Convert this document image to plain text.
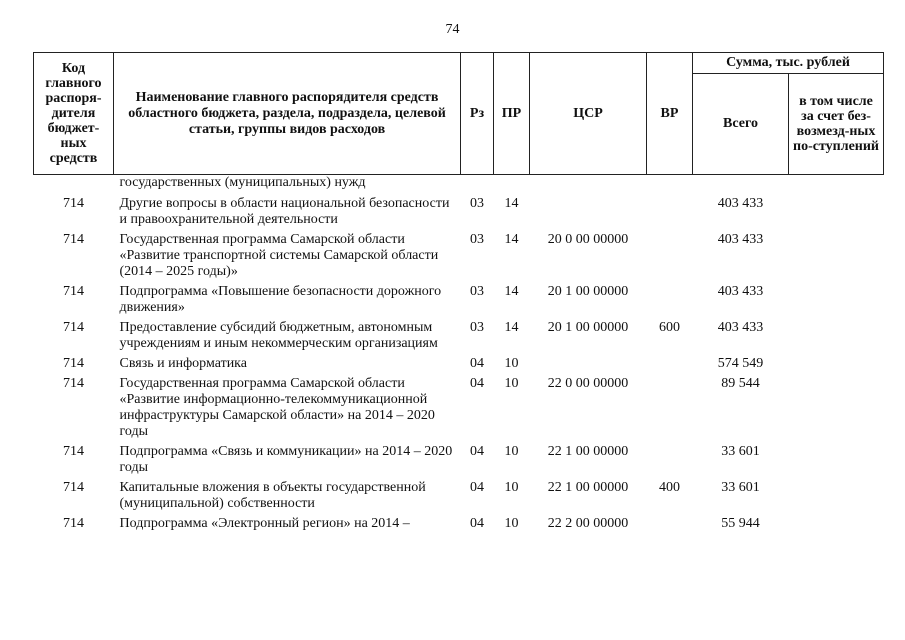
74
Код главного распоря-дителя бюджет-ных средств	Наименование главного распорядителя средств областного бюджета, раздела, подраздела, целевой статьи, группы видов расходов	Рз	ПР	ЦСР	ВР	Сумма, тыс. рублей	
						Всего	в том числе за счет без-возмезд-ных по-ступлений
	государственных (муниципальных) нужд						
714	Другие вопросы в области национальной безопасности и правоохранительной деятельности	03	14			403 433	
714	Государственная программа Самарской области «Развитие транспортной системы Самарской области (2014 – 2025 годы)»	03	14	20 0 00 00000		403 433	
714	Подпрограмма «Повышение безопасности дорожного движения»	03	14	20 1 00 00000		403 433	
714	Предоставление субсидий бюджетным, автономным учреждениям и иным некоммерческим организациям	03	14	20 1 00 00000	600	403 433	
714	Связь и информатика	04	10			574 549	
714	Государственная программа Самарской области «Развитие информационно-телекоммуникационной инфраструктуры Самарской области» на 2014 – 2020 годы	04	10	22 0 00 00000		89 544	
714	Подпрограмма «Связь и коммуникации» на 2014 – 2020 годы	04	10	22 1 00 00000		33 601	
714	Капитальные вложения в объекты государственной (муниципальной) собственности	04	10	22 1 00 00000	400	33 601	
714	Подпрограмма «Электронный регион» на 2014 –	04	10	22 2 00 00000		55 944	
